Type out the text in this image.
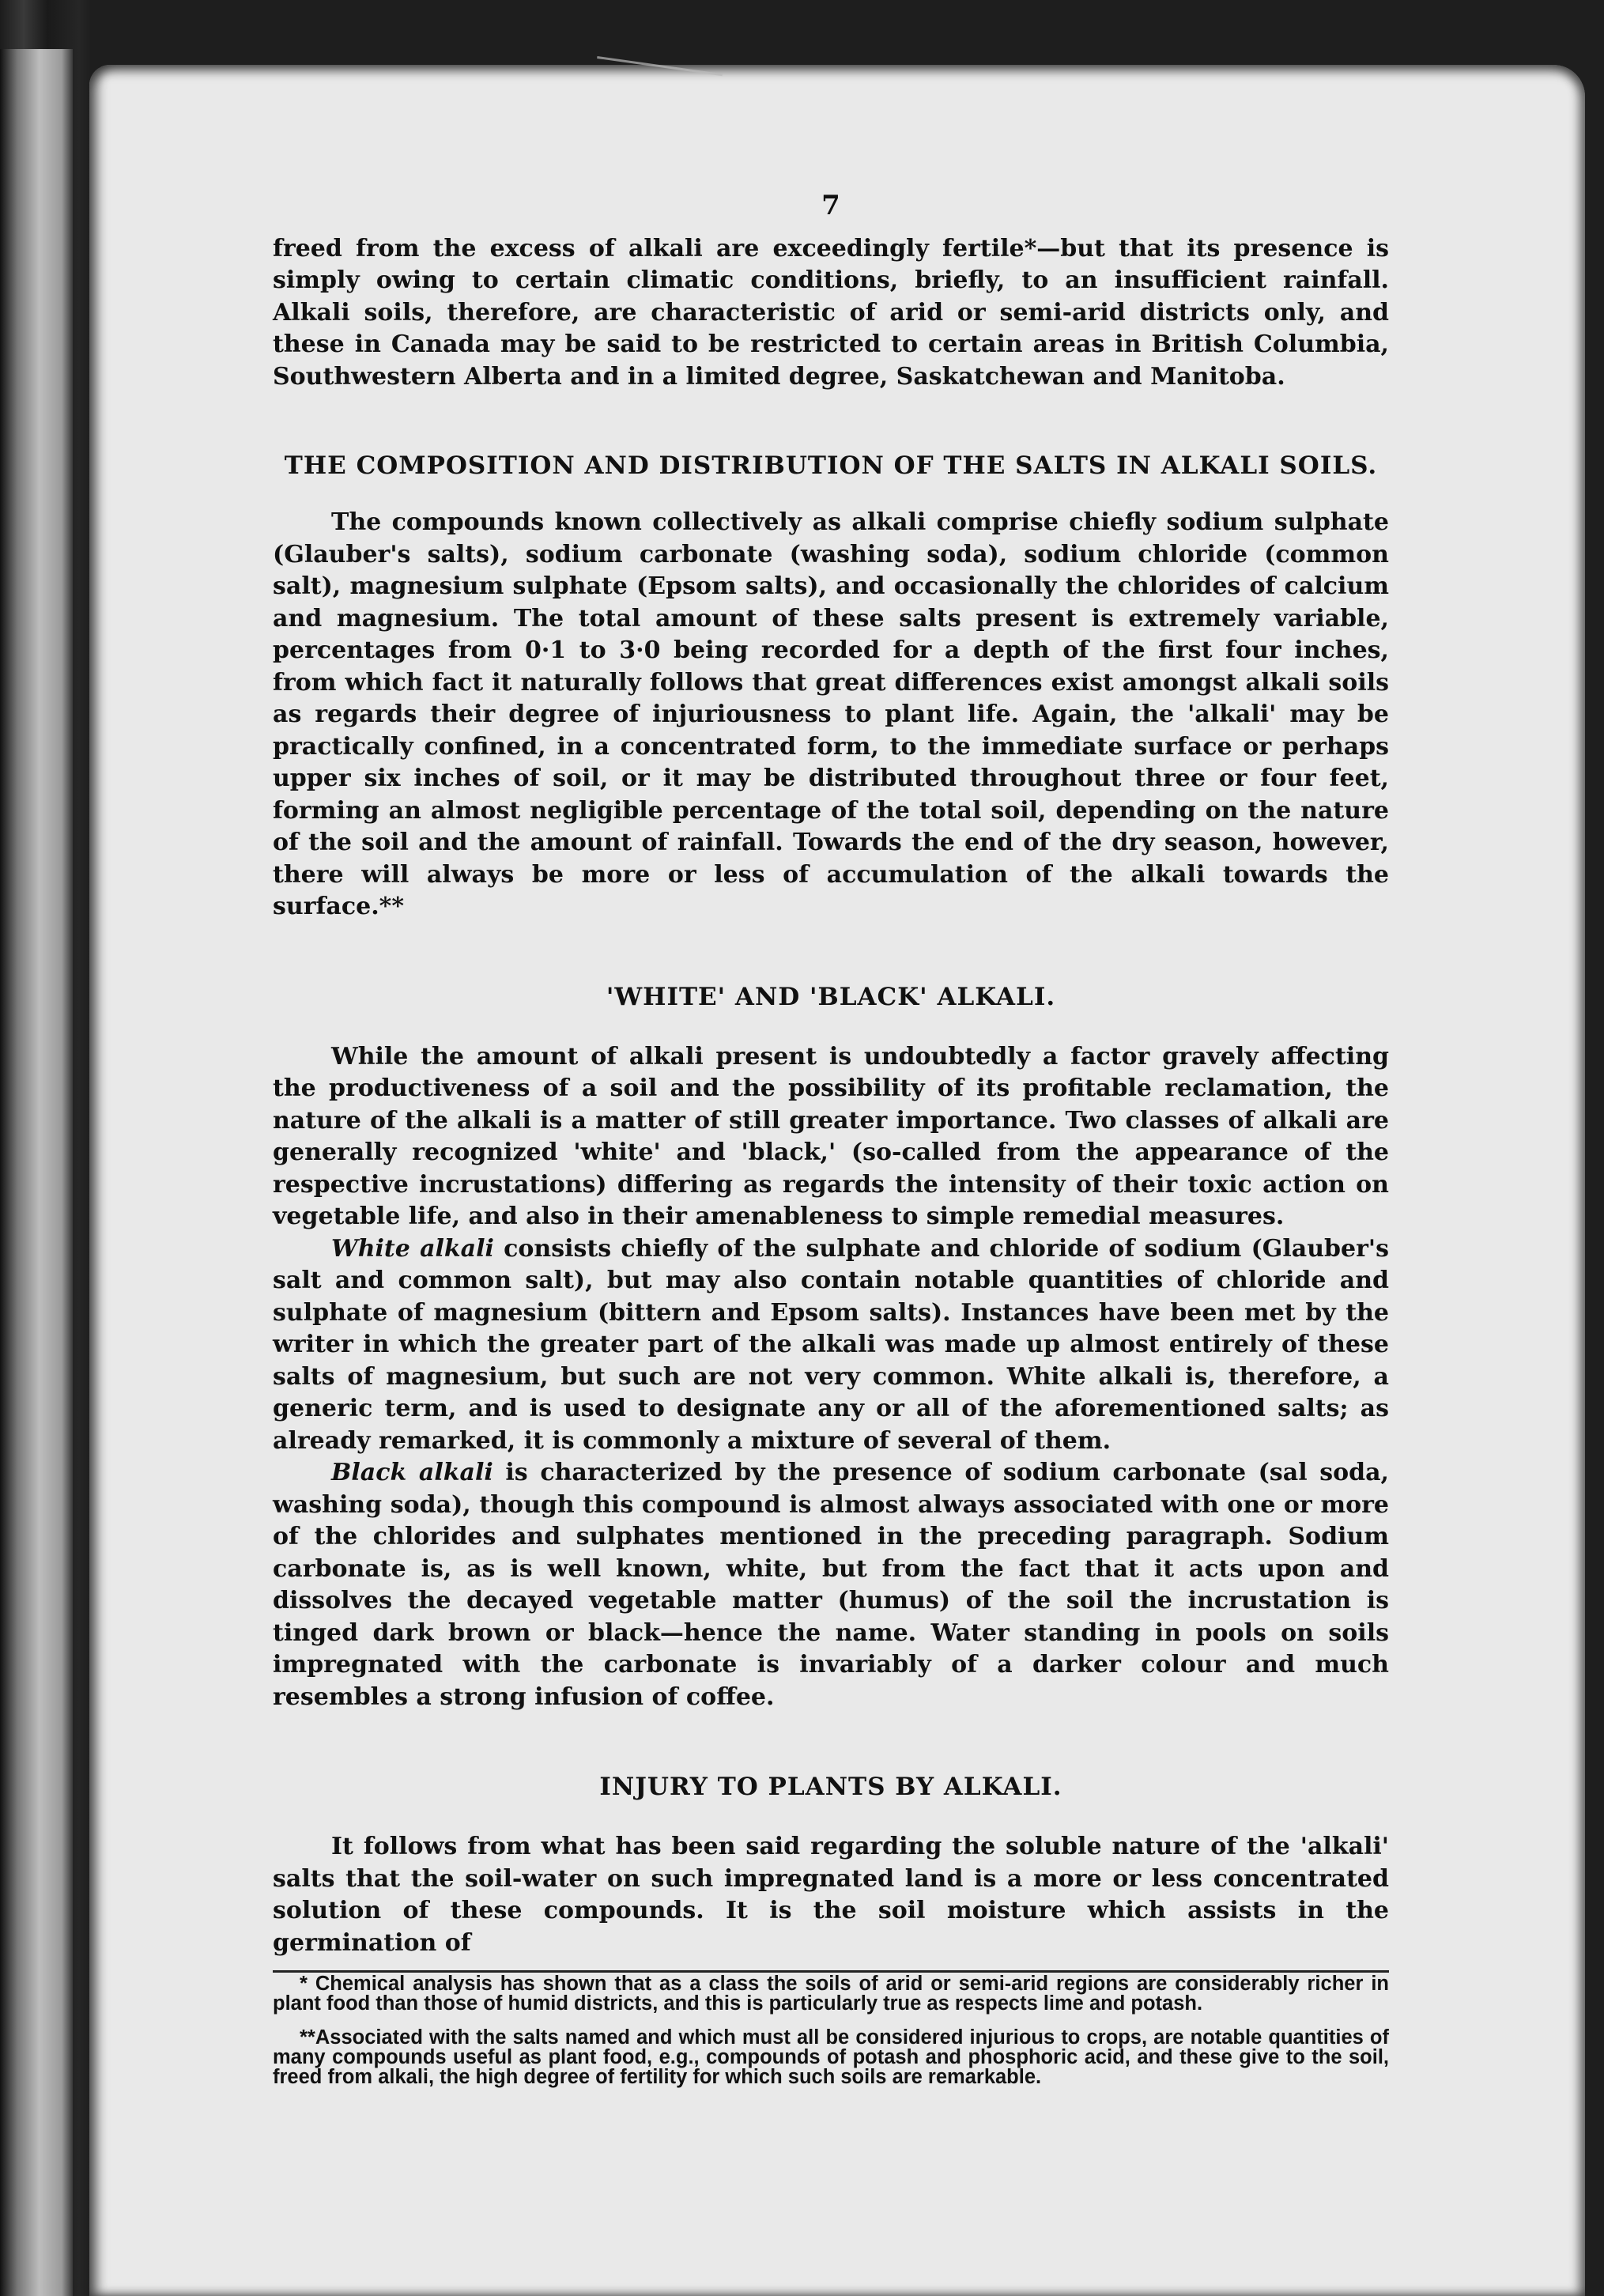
7

freed from the excess of alkali are exceedingly fertile*—but that its presence is simply owing to certain climatic conditions, briefly, to an insufficient rainfall. Alkali soils, therefore, are characteristic of arid or semi-arid districts only, and these in Canada may be said to be restricted to certain areas in British Columbia, Southwestern Alberta and in a limited degree, Saskatchewan and Manitoba.

THE COMPOSITION AND DISTRIBUTION OF THE SALTS IN ALKALI SOILS.

The compounds known collectively as alkali comprise chiefly sodium sulphate (Glauber's salts), sodium carbonate (washing soda), sodium chloride (common salt), magnesium sulphate (Epsom salts), and occasionally the chlorides of calcium and magnesium. The total amount of these salts present is extremely variable, percentages from 0·1 to 3·0 being recorded for a depth of the first four inches, from which fact it naturally follows that great differences exist amongst alkali soils as regards their degree of injuriousness to plant life. Again, the 'alkali' may be practically confined, in a concentrated form, to the immediate surface or perhaps upper six inches of soil, or it may be distributed throughout three or four feet, forming an almost negligible percentage of the total soil, depending on the nature of the soil and the amount of rainfall. Towards the end of the dry season, however, there will always be more or less of accumulation of the alkali towards the surface.**

'WHITE' AND 'BLACK' ALKALI.

While the amount of alkali present is undoubtedly a factor gravely affecting the productiveness of a soil and the possibility of its profitable reclamation, the nature of the alkali is a matter of still greater importance. Two classes of alkali are generally recognized 'white' and 'black,' (so-called from the appearance of the respective incrustations) differing as regards the intensity of their toxic action on vegetable life, and also in their amenableness to simple remedial measures.

White alkali consists chiefly of the sulphate and chloride of sodium (Glauber's salt and common salt), but may also contain notable quantities of chloride and sulphate of magnesium (bittern and Epsom salts). Instances have been met by the writer in which the greater part of the alkali was made up almost entirely of these salts of magnesium, but such are not very common. White alkali is, therefore, a generic term, and is used to designate any or all of the aforementioned salts; as already remarked, it is commonly a mixture of several of them.

Black alkali is characterized by the presence of sodium carbonate (sal soda, washing soda), though this compound is almost always associated with one or more of the chlorides and sulphates mentioned in the preceding paragraph. Sodium carbonate is, as is well known, white, but from the fact that it acts upon and dissolves the decayed vegetable matter (humus) of the soil the incrustation is tinged dark brown or black—hence the name. Water standing in pools on soils impregnated with the carbonate is invariably of a darker colour and much resembles a strong infusion of coffee.

INJURY TO PLANTS BY ALKALI.

It follows from what has been said regarding the soluble nature of the 'alkali' salts that the soil-water on such impregnated land is a more or less concentrated solution of these compounds. It is the soil moisture which assists in the germination of

* Chemical analysis has shown that as a class the soils of arid or semi-arid regions are considerably richer in plant food than those of humid districts, and this is particularly true as respects lime and potash.

**Associated with the salts named and which must all be considered injurious to crops, are notable quantities of many compounds useful as plant food, e.g., compounds of potash and phosphoric acid, and these give to the soil, freed from alkali, the high degree of fertility for which such soils are remarkable.
